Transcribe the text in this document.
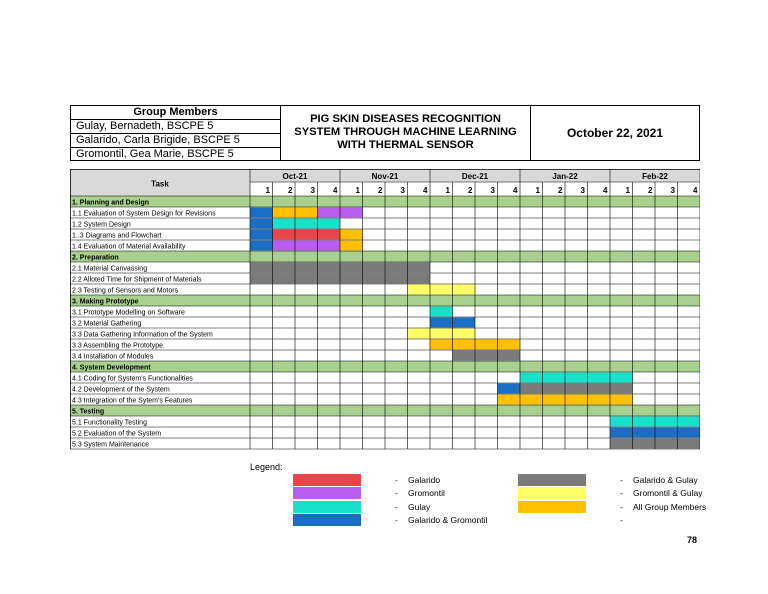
Group Members
Gulay, Bernadeth, BSCPE 5
Galarido, Carla Brigide, BSCPE 5
Gromontil, Gea Marie, BSCPE 5
PIG SKIN DISEASES RECOGNITION
SYSTEM THROUGH MACHINE LEARNING
WITH THERMAL SENSOR
October 22, 2021
Task
Oct-21
1 2 3 4
Nov-21
1 2 3 4
Dec-21
1 2 3 4
Jan-22
1 2 3 4
Feb-22
1 2 3 4
1. Planning and Design
1.1 Evaluation of System Design for Revisions
1.2 System Design
1..3 Diagrams and Flowchart
1.4 Evaluation of Material Availability
2. Preparation
2.1 Material Canvassing
2.2 Alloted Time for Shipment of Materials
2.3 Testing of Sensors and Motors
3. Making Prototype
3.1 Prototype Modelling on Software
3.2 Material Gathering
3.3 Data Gathering Information of the System
3.3 Assembling the Prototype.
3.4 Installation of Modules
4. System Development
4.1 Coding for System's Functionalities
4.2 Development of the System
4.3 Integration of the Sytem's Features
5. Testing
5.1 Functionality Testing
5.2 Evaluation of the System
5.3 System Maintenance
Legend:
- Galarido
- Gromontil
- Gulay
- Galarido & Gromontil
- Galarido & Gulay
- Gromontil & Gulay
- All Group Members
-
78
